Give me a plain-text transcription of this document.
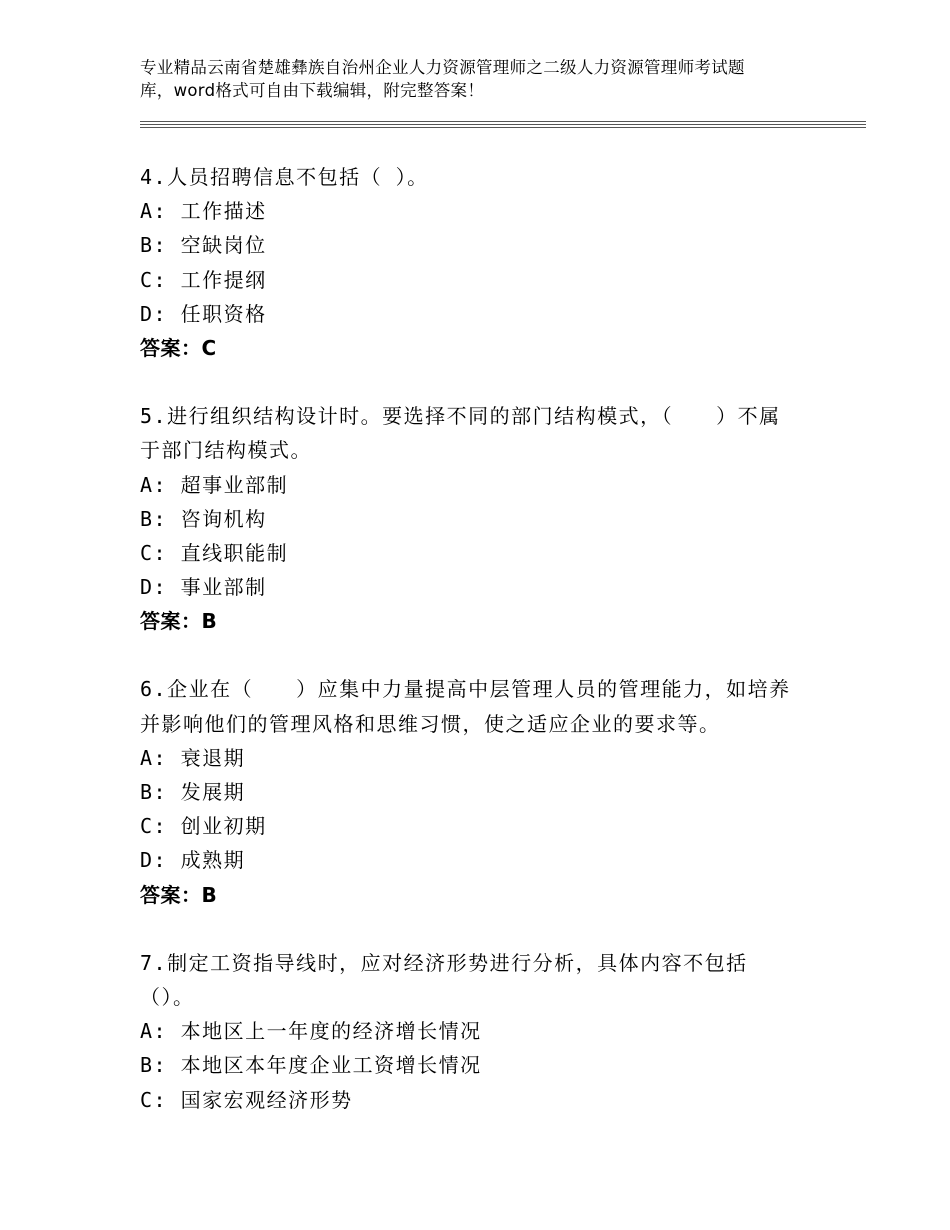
专业精品云南省楚雄彝族自治州企业人力资源管理师之二级人力资源管理师考试题
库，word格式可自由下载编辑，附完整答案！
4.人员招聘信息不包括（ ）。
A: 工作描述
B: 空缺岗位
C: 工作提纲
D: 任职资格
答案：C
5.进行组织结构设计时。要选择不同的部门结构模式，（　　）不属
于部门结构模式。
A: 超事业部制
B: 咨询机构
C: 直线职能制
D: 事业部制
答案：B
6.企业在（　　）应集中力量提高中层管理人员的管理能力，如培养
并影响他们的管理风格和思维习惯，使之适应企业的要求等。
A: 衰退期
B: 发展期
C: 创业初期
D: 成熟期
答案：B
7.制定工资指导线时，应对经济形势进行分析，具体内容不包括
（）。
A: 本地区上一年度的经济增长情况
B: 本地区本年度企业工资增长情况
C: 国家宏观经济形势
